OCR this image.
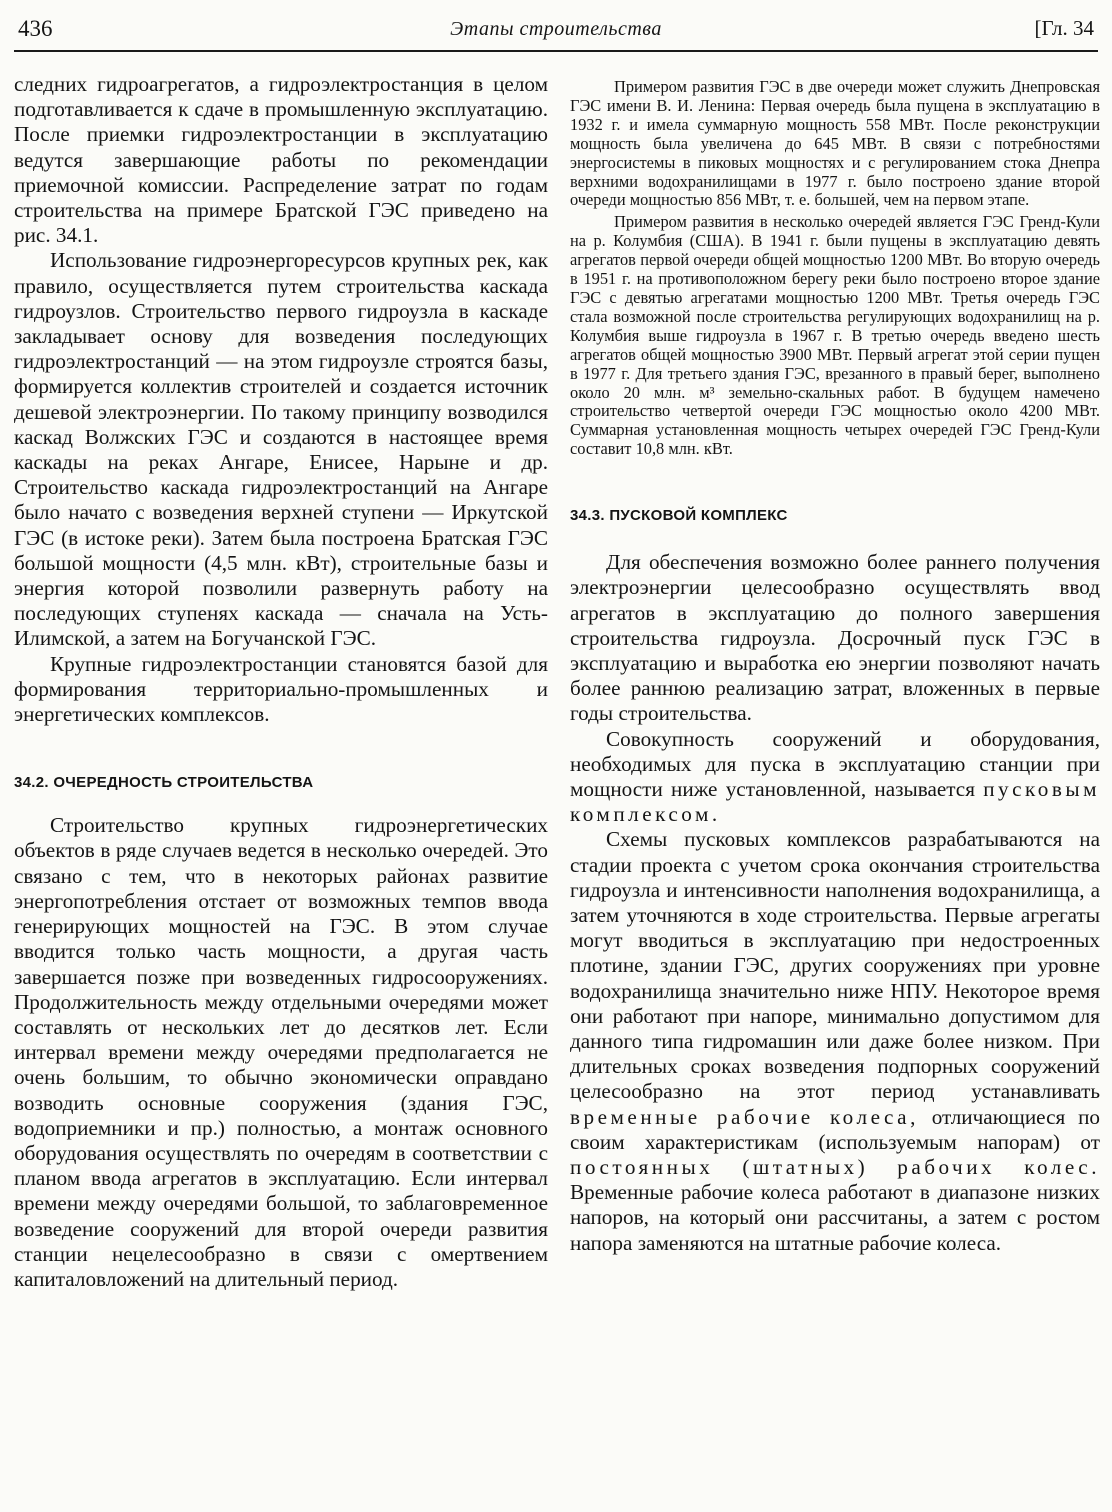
436	Этапы строительства	[Гл. 34

следних гидроагрегатов, а гидроэлектростанция в целом подготавливается к сдаче в промышленную эксплуатацию. После приемки гидроэлектростанции в эксплуатацию ведутся завершающие работы по рекомендации приемочной комиссии. Распределение затрат по годам строительства на примере Братской ГЭС приведено на рис. 34.1.

Использование гидроэнергоресурсов крупных рек, как правило, осуществляется путем строительства каскада гидроузлов. Строительство первого гидроузла в каскаде закладывает основу для возведения последующих гидроэлектростанций — на этом гидроузле строятся базы, формируется коллектив строителей и создается источник дешевой электроэнергии. По такому принципу возводился каскад Волжских ГЭС и создаются в настоящее время каскады на реках Ангаре, Енисее, Нарыне и др. Строительство каскада гидроэлектростанций на Ангаре было начато с возведения верхней ступени — Иркутской ГЭС (в истоке реки). Затем была построена Братская ГЭС большой мощности (4,5 млн. кВт), строительные базы и энергия которой позволили развернуть работу на последующих ступенях каскада — сначала на Усть-Илимской, а затем на Богучанской ГЭС.

Крупные гидроэлектростанции становятся базой для формирования территориально-промышленных и энергетических комплексов.

34.2. ОЧЕРЕДНОСТЬ СТРОИТЕЛЬСТВА

Строительство крупных гидроэнергетических объектов в ряде случаев ведется в несколько очередей. Это связано с тем, что в некоторых районах развитие энергопотребления отстает от возможных темпов ввода генерирующих мощностей на ГЭС. В этом случае вводится только часть мощности, а другая часть завершается позже при возведенных гидросооружениях. Продолжительность между отдельными очередями может составлять от нескольких лет до десятков лет. Если интервал времени между очередями предполагается не очень большим, то обычно экономически оправдано возводить основные сооружения (здания ГЭС, водоприемники и пр.) полностью, а монтаж основного оборудования осуществлять по очередям в соответствии с планом ввода агрегатов в эксплуатацию. Если интервал времени между очередями большой, то заблаговременное возведение сооружений для второй очереди развития станции нецелесообразно в связи с омертвением капиталовложений на длительный период.

Примером развития ГЭС в две очереди может служить Днепровская ГЭС имени В. И. Ленина: Первая очередь была пущена в эксплуатацию в 1932 г. и имела суммарную мощность 558 МВт. После реконструкции мощность была увеличена до 645 МВт. В связи с потребностями энергосистемы в пиковых мощностях и с регулированием стока Днепра верхними водохранилищами в 1977 г. было построено здание второй очереди мощностью 856 МВт, т. е. большей, чем на первом этапе.

Примером развития в несколько очередей является ГЭС Гренд-Кули на р. Колумбия (США). В 1941 г. были пущены в эксплуатацию девять агрегатов первой очереди общей мощностью 1200 МВт. Во вторую очередь в 1951 г. на противоположном берегу реки было построено второе здание ГЭС с девятью агрегатами мощностью 1200 МВт. Третья очередь ГЭС стала возможной после строительства регулирующих водохранилищ на р. Колумбия выше гидроузла в 1967 г. В третью очередь введено шесть агрегатов общей мощностью 3900 МВт. Первый агрегат этой серии пущен в 1977 г. Для третьего здания ГЭС, врезанного в правый берег, выполнено около 20 млн. м³ земельно-скальных работ. В будущем намечено строительство четвертой очереди ГЭС мощностью около 4200 МВт. Суммарная установленная мощность четырех очередей ГЭС Гренд-Кули составит 10,8 млн. кВт.

34.3. ПУСКОВОЙ КОМПЛЕКС

Для обеспечения возможно более раннего получения электроэнергии целесообразно осуществлять ввод агрегатов в эксплуатацию до полного завершения строительства гидроузла. Досрочный пуск ГЭС в эксплуатацию и выработка ею энергии позволяют начать более раннюю реализацию затрат, вложенных в первые годы строительства.

Совокупность сооружений и оборудования, необходимых для пуска в эксплуатацию станции при мощности ниже установленной, называется пусковым комплексом.

Схемы пусковых комплексов разрабатываются на стадии проекта с учетом срока окончания строительства гидроузла и интенсивности наполнения водохранилища, а затем уточняются в ходе строительства. Первые агрегаты могут вводиться в эксплуатацию при недостроенных плотине, здании ГЭС, других сооружениях при уровне водохранилища значительно ниже НПУ. Некоторое время они работают при напоре, минимально допустимом для данного типа гидромашин или даже более низком. При длительных сроках возведения подпорных сооружений целесообразно на этот период устанавливать временные рабочие колеса, отличающиеся по своим характеристикам (используемым напорам) от постоянных (штатных) рабочих колес. Временные рабочие колеса работают в диапазоне низких напоров, на который они рассчитаны, а затем с ростом напора заменяются на штатные рабочие колеса.
